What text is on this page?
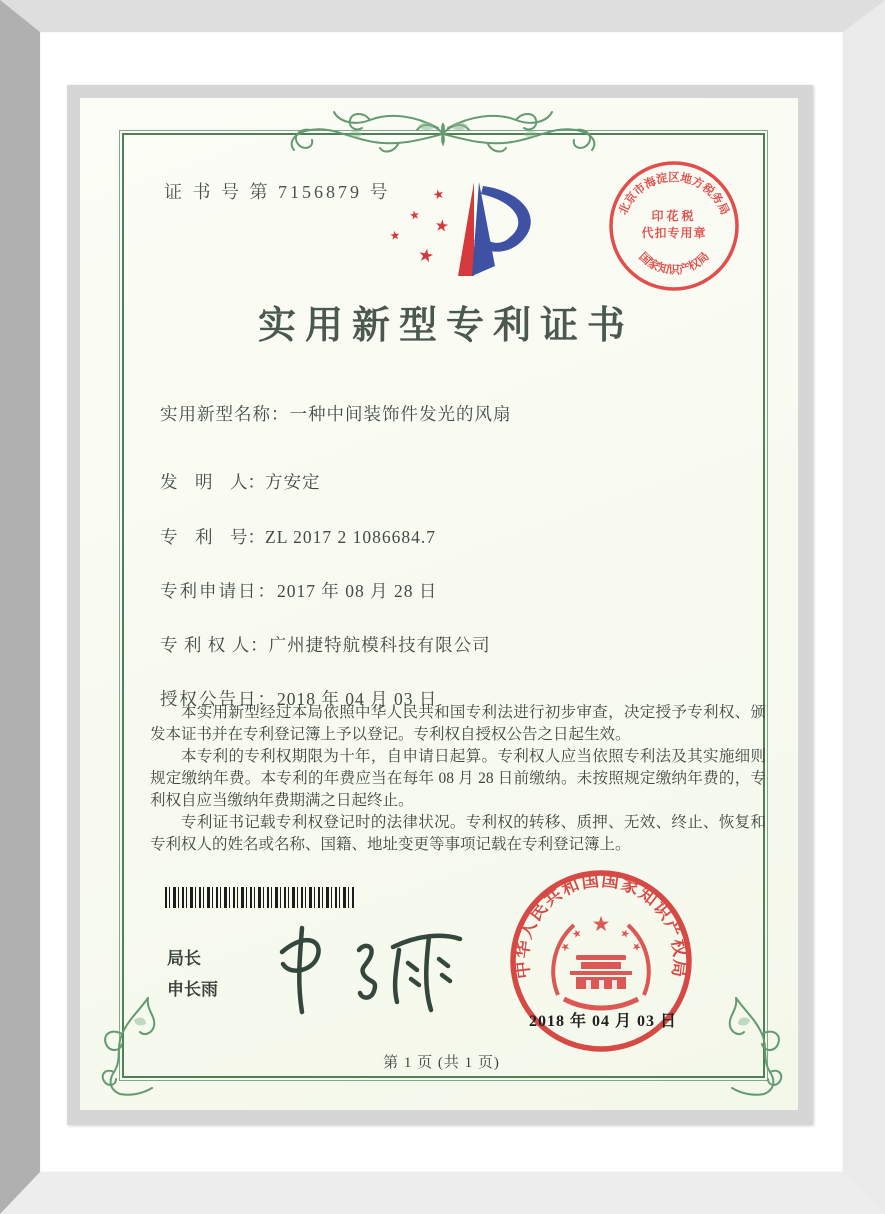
证 书 号 第 7156879 号	★
★
★
★
★
北京市海淀区地方税务局
国家知识产权局
印花税
代扣专用章
实用新型专利证书
实用新型名称：一种中间装饰件发光的风扇
发　明　人：方安定
专　利　号：ZL 2017 2 1086684.7
专利申请日：2017 年 08 月 28 日
专 利 权 人：广州捷特航模科技有限公司
授权公告日：2018 年 04 月 03 日

本实用新型经过本局依照中华人民共和国专利法进行初步审查，决定授予专利权、颁发本证书并在专利登记簿上予以登记。专利权自授权公告之日起生效。

本专利的专利权期限为十年，自申请日起算。专利权人应当依照专利法及其实施细则规定缴纳年费。本专利的年费应当在每年 08 月 28 日前缴纳。未按照规定缴纳年费的，专利权自应当缴纳年费期满之日起终止。

专利证书记载专利权登记时的法律状况。专利权的转移、质押、无效、终止、恢复和专利权人的姓名或名称、国籍、地址变更等事项记载在专利登记簿上。

局长
申长雨
中华人民共和国国家知识产权局
★
★
★
★
★
2018 年 04 月 03 日
第 1 页 (共 1 页)
